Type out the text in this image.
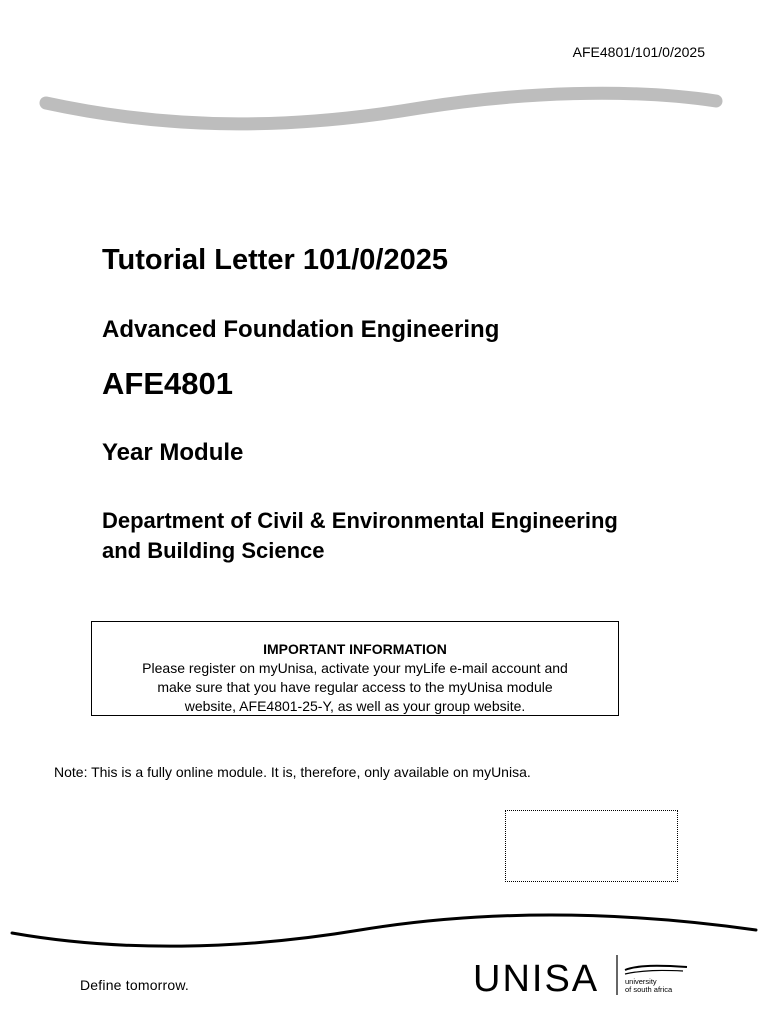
AFE4801/101/0/2025
Tutorial Letter 101/0/2025
Advanced Foundation Engineering
AFE4801
Year Module
Department of Civil & Environmental Engineering
and Building Science
IMPORTANT INFORMATION
Please register on myUnisa, activate your myLife e-mail account and
make sure that you have regular access to the myUnisa module
website, AFE4801-25-Y, as well as your group website.
Note: This is a fully online module. It is, therefore, only available on myUnisa.
Define tomorrow.	UNISA	university
of south africa
